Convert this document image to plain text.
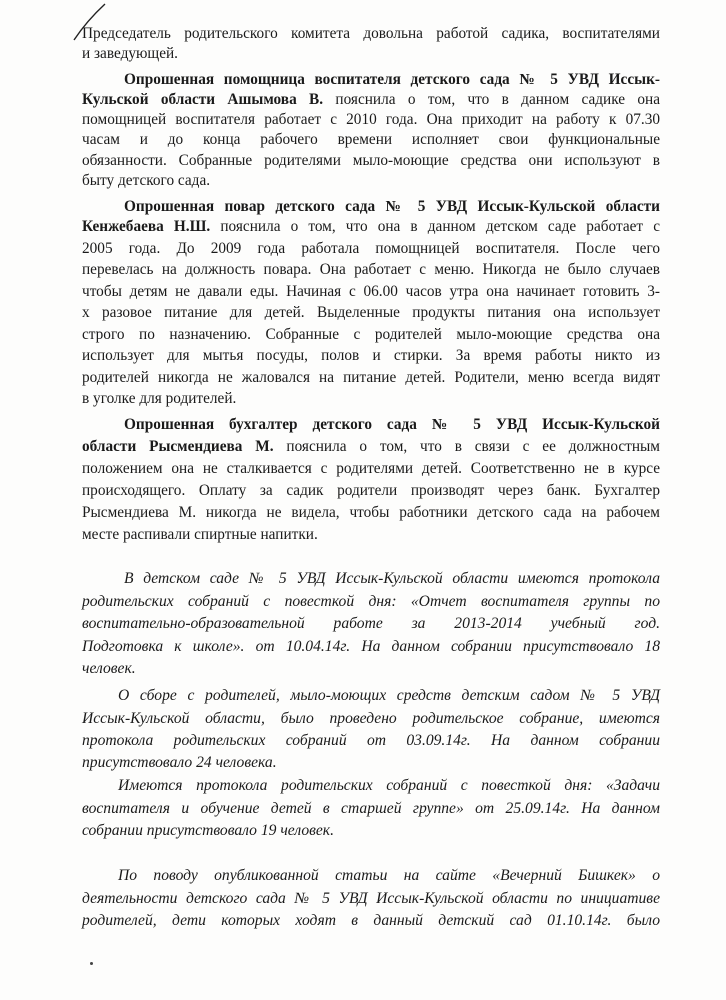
Председатель родительского комитета довольна работой садика, воспитателями

и заведующей.

Опрошенная помощница воспитателя детского сада № 5 УВД Иссык-

Кульской области Ашымова В. пояснила о том, что в данном садике она

помощницей воспитателя работает с 2010 года. Она приходит на работу к 07.30

часам и до конца рабочего времени исполняет свои функциональные

обязанности. Собранные родителями мыло-моющие средства они используют в

быту детского сада.

Опрошенная повар детского сада № 5 УВД Иссык-Кульской области

Кенжебаева Н.Ш. пояснила о том, что она в данном детском саде работает с

2005 года. До 2009 года работала помощницей воспитателя. После чего

перевелась на должность повара. Она работает с меню. Никогда не было случаев

чтобы детям не давали еды. Начиная с 06.00 часов утра она начинает готовить 3-

х разовое питание для детей. Выделенные продукты питания она использует

строго по назначению. Собранные с родителей мыло-моющие средства она

использует для мытья посуды, полов и стирки. За время работы никто из

родителей никогда не жаловался на питание детей. Родители, меню всегда видят

в уголке для родителей.

Опрошенная бухгалтер детского сада № 5 УВД Иссык-Кульской

области Рысмендиева М. пояснила о том, что в связи с ее должностным

положением она не сталкивается с родителями детей. Соответственно не в курсе

происходящего. Оплату за садик родители производят через банк. Бухгалтер

Рысмендиева М. никогда не видела, чтобы работники детского сада на рабочем

месте распивали спиртные напитки.

В детском саде № 5 УВД Иссык-Кульской области имеются протокола

родительских собраний с повесткой дня: «Отчет воспитателя группы по

воспитательно-образовательной работе за 2013-2014 учебный год.

Подготовка к школе». от 10.04.14г. На данном собрании присутствовало 18

человек.

О сборе с родителей, мыло-моющих средств детским садом № 5 УВД

Иссык-Кульской области, было проведено родительское собрание, имеются

протокола родительских собраний от 03.09.14г. На данном собрании

присутствовало 24 человека.

Имеются протокола родительских собраний с повесткой дня: «Задачи

воспитателя и обучение детей в старшей группе» от 25.09.14г. На данном

собрании присутствовало 19 человек.

По поводу опубликованной статьи на сайте «Вечерний Бишкек» о

деятельности детского сада № 5 УВД Иссык-Кульской области по инициативе

родителей, дети которых ходят в данный детский сад 01.10.14г. было
